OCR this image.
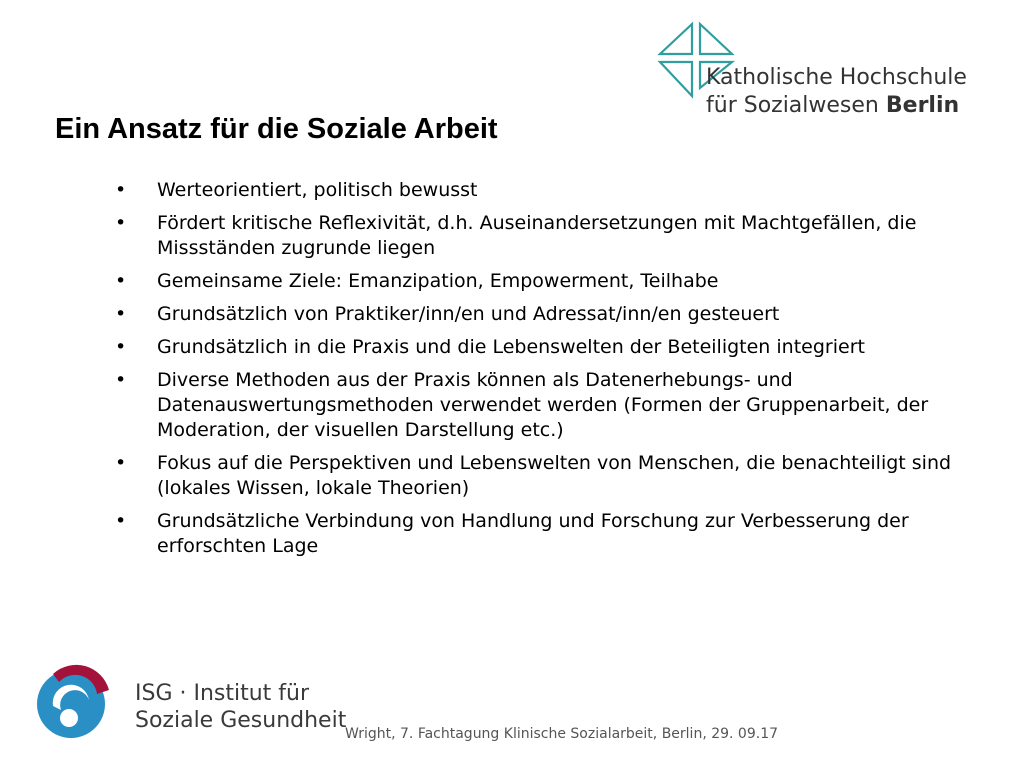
Katholische Hochschule
für Sozialwesen Berlin
Ein Ansatz für die Soziale Arbeit
• Werteorientiert, politisch bewusst
• Fördert kritische Reflexivität, d.h. Auseinandersetzungen mit Machtgefällen, die Missständen zugrunde liegen
• Gemeinsame Ziele: Emanzipation, Empowerment, Teilhabe
• Grundsätzlich von Praktiker/inn/en und Adressat/inn/en gesteuert
• Grundsätzlich in die Praxis und die Lebenswelten der Beteiligten integriert
• Diverse Methoden aus der Praxis können als Datenerhebungs- und Datenauswertungsmethoden verwendet werden (Formen der Gruppenarbeit, der Moderation, der visuellen Darstellung etc.)
• Fokus auf die Perspektiven und Lebenswelten von Menschen, die benachteiligt sind (lokales Wissen, lokale Theorien)
• Grundsätzliche Verbindung von Handlung und Forschung zur Verbesserung der erforschten Lage
ISG · Institut für
Soziale Gesundheit
Wright, 7. Fachtagung Klinische Sozialarbeit, Berlin, 29. 09.17
